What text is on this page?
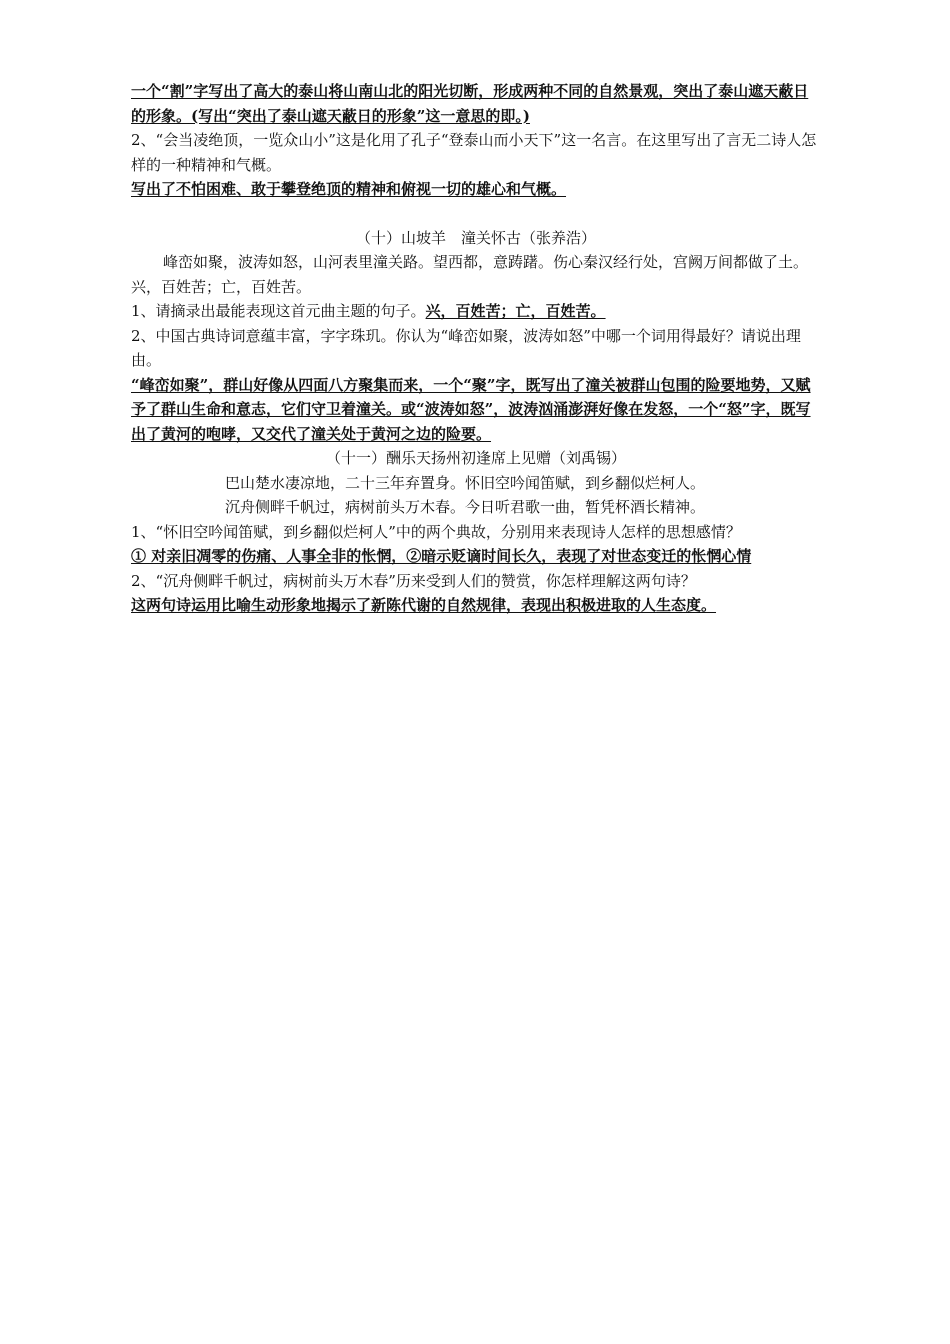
一个“割”字写出了高大的泰山将山南山北的阳光切断，形成两种不同的自然景观，突出了泰山遮天蔽日的形象。(写出“突出了泰山遮天蔽日的形象”这一意思的即。)

2、“会当凌绝顶，一览众山小”这是化用了孔子“登泰山而小天下”这一名言。在这里写出了言无二诗人怎样的一种精神和气概。

写出了不怕困难、敢于攀登绝顶的精神和俯视一切的雄心和气概。

（十）山坡羊　潼关怀古（张养浩）

峰峦如聚，波涛如怒，山河表里潼关路。望西都，意踌躇。伤心秦汉经行处，宫阙万间都做了土。兴，百姓苦；亡，百姓苦。

1、请摘录出最能表现这首元曲主题的句子。兴，百姓苦；亡，百姓苦。

2、中国古典诗词意蕴丰富，字字珠玑。你认为“峰峦如聚，波涛如怒”中哪一个词用得最好？请说出理由。

“峰峦如聚”，群山好像从四面八方聚集而来，一个“聚”字，既写出了潼关被群山包围的险要地势，又赋予了群山生命和意志，它们守卫着潼关。或“波涛如怒”，波涛汹涌澎湃好像在发怒，一个“怒”字，既写出了黄河的咆哮，又交代了潼关处于黄河之边的险要。

（十一）酬乐天扬州初逢席上见赠（刘禹锡）

巴山楚水凄凉地，二十三年弃置身。怀旧空吟闻笛赋，到乡翻似烂柯人。

沉舟侧畔千帆过，病树前头万木春。今日听君歌一曲，暂凭杯酒长精神。

1、“怀旧空吟闻笛赋，到乡翻似烂柯人”中的两个典故，分别用来表现诗人怎样的思想感情？

① 对亲旧凋零的伤痛、人事全非的怅惘，②暗示贬谪时间长久，表现了对世态变迁的怅惘心情

2、“沉舟侧畔千帆过，病树前头万木春”历来受到人们的赞赏，你怎样理解这两句诗？

这两句诗运用比喻生动形象地揭示了新陈代谢的自然规律，表现出积极进取的人生态度。
